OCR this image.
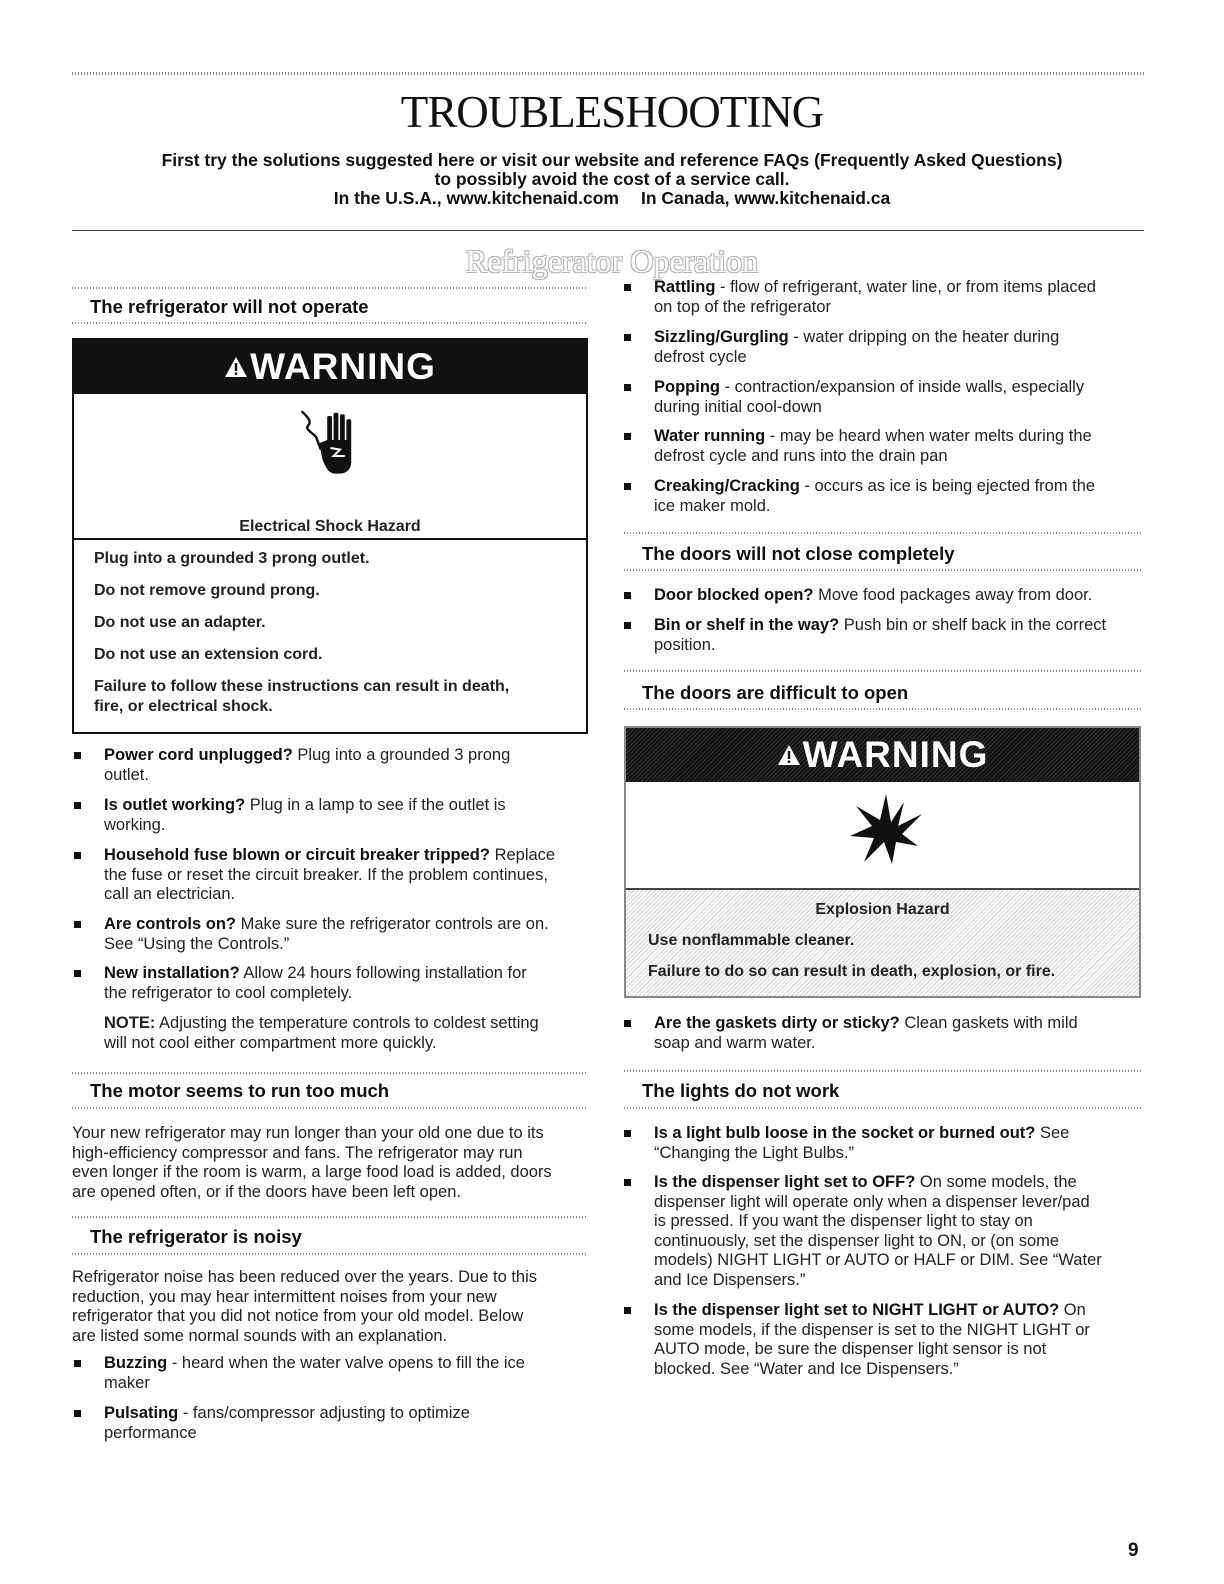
TROUBLESHOOTING

First try the solutions suggested here or visit our website and reference FAQs (Frequently Asked Questions)

to possibly avoid the cost of a service call.

In the U.S.A., www.kitchenaid.com In Canada, www.kitchenaid.ca

Refrigerator Operation
The refrigerator will not operate
WARNING

Electrical Shock Hazard

Plug into a grounded 3 prong outlet.

Do not remove ground prong.

Do not use an adapter.

Do not use an extension cord.

Failure to follow these instructions can result in death,

fire, or electrical shock.

Power cord unplugged? Plug into a grounded 3 prong
outlet.
Is outlet working? Plug in a lamp to see if the outlet is
working.
Household fuse blown or circuit breaker tripped? Replace
the fuse or reset the circuit breaker. If the problem continues,
call an electrician.
Are controls on? Make sure the refrigerator controls are on.
See “Using the Controls.”
New installation? Allow 24 hours following installation for
the refrigerator to cool completely.

NOTE: Adjusting the temperature controls to coldest setting
will not cool either compartment more quickly.

The motor seems to run too much

Your new refrigerator may run longer than your old one due to its
high-efficiency compressor and fans. The refrigerator may run
even longer if the room is warm, a large food load is added, doors
are opened often, or if the doors have been left open.

The refrigerator is noisy

Refrigerator noise has been reduced over the years. Due to this
reduction, you may hear intermittent noises from your new
refrigerator that you did not notice from your old model. Below
are listed some normal sounds with an explanation.

Buzzing - heard when the water valve opens to fill the ice
maker
Pulsating - fans/compressor adjusting to optimize
performance
Rattling - flow of refrigerant, water line, or from items placed
on top of the refrigerator
Sizzling/Gurgling - water dripping on the heater during
defrost cycle
Popping - contraction/expansion of inside walls, especially
during initial cool-down
Water running - may be heard when water melts during the
defrost cycle and runs into the drain pan
Creaking/Cracking - occurs as ice is being ejected from the
ice maker mold.
The doors will not close completely
Door blocked open? Move food packages away from door.
Bin or shelf in the way? Push bin or shelf back in the correct
position.
The doors are difficult to open
WARNING

Explosion Hazard

Use nonflammable cleaner.

Failure to do so can result in death, explosion, or fire.

Are the gaskets dirty or sticky? Clean gaskets with mild
soap and warm water.
The lights do not work
Is a light bulb loose in the socket or burned out? See
“Changing the Light Bulbs.”
Is the dispenser light set to OFF? On some models, the
dispenser light will operate only when a dispenser lever/pad
is pressed. If you want the dispenser light to stay on
continuously, set the dispenser light to ON, or (on some
models) NIGHT LIGHT or AUTO or HALF or DIM. See “Water
and Ice Dispensers.”
Is the dispenser light set to NIGHT LIGHT or AUTO? On
some models, if the dispenser is set to the NIGHT LIGHT or
AUTO mode, be sure the dispenser light sensor is not
blocked. See “Water and Ice Dispensers.”

9
